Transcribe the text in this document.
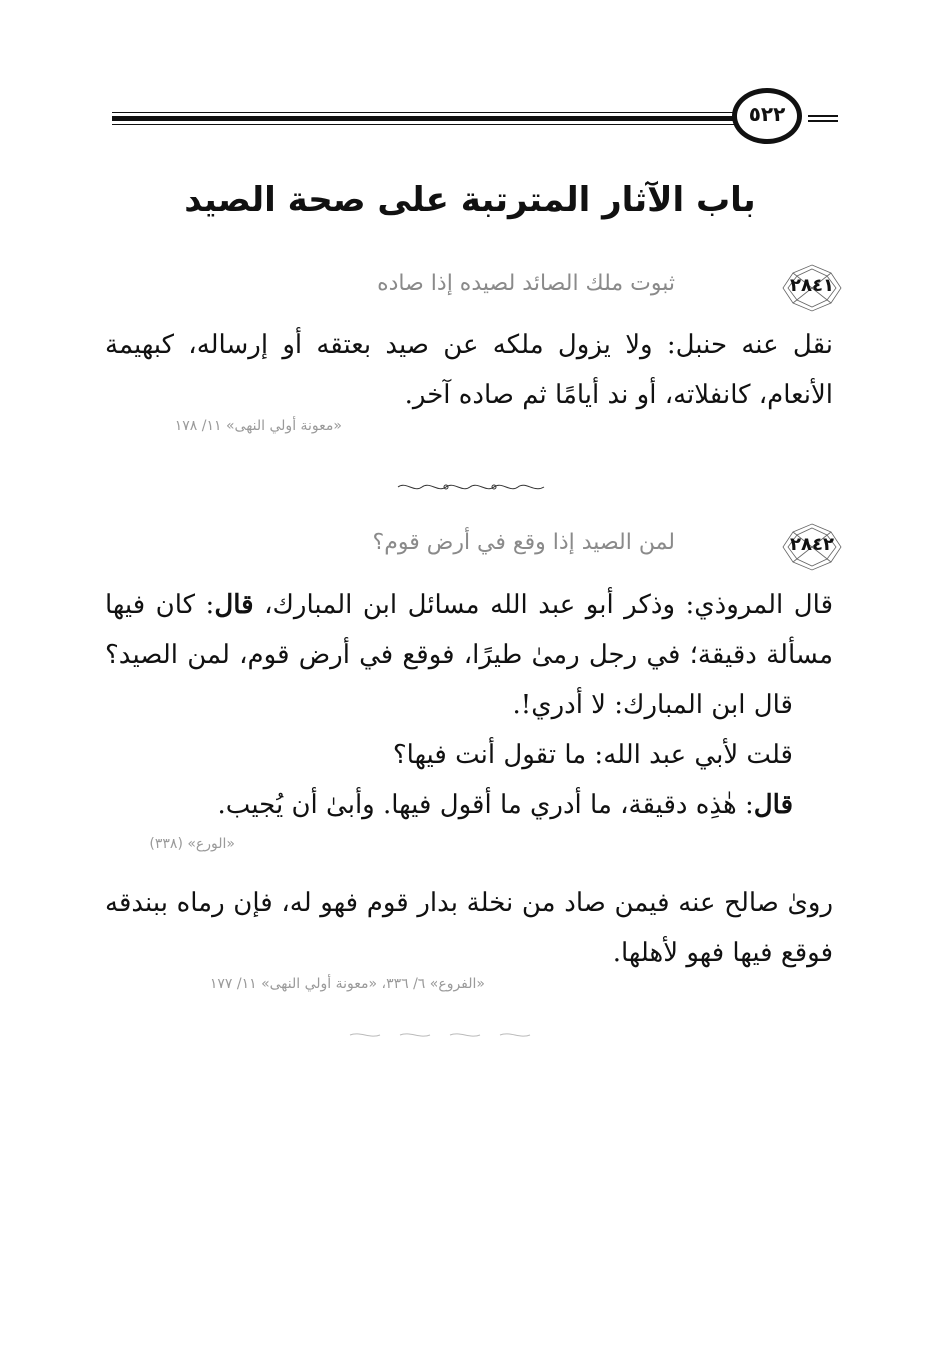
٥٢٢
باب الآثار المترتبة على صحة الصيد
٢٨٤١
ثبوت ملك الصائد لصيده إذا صاده
نقل عنه حنبل: ولا يزول ملكه عن صيد بعتقه أو إرساله، كبهيمة
الأنعام، كانفلاته، أو ند أيامًا ثم صاده آخر.
«معونة أولي النهى» ١١/ ١٧٨
٢٨٤٢
لمن الصيد إذا وقع في أرض قوم؟
قال المروذي: وذكر أبو عبد الله مسائل ابن المبارك، قال: كان فيها
مسألة دقيقة؛ في رجل رمىٰ طيرًا، فوقع في أرض قوم، لمن الصيد؟
قال ابن المبارك: لا أدري!.
قلت لأبي عبد الله: ما تقول أنت فيها؟
قال: هٰذِه دقيقة، ما أدري ما أقول فيها. وأبىٰ أن يُجيب.
«الورع» (٣٣٨)
روىٰ صالح عنه فيمن صاد من نخلة بدار قوم فهو له، فإن رماه ببندقه
فوقع فيها فهو لأهلها.
«الفروع» ٦/ ٣٣٦، «معونة أولي النهى» ١١/ ١٧٧
